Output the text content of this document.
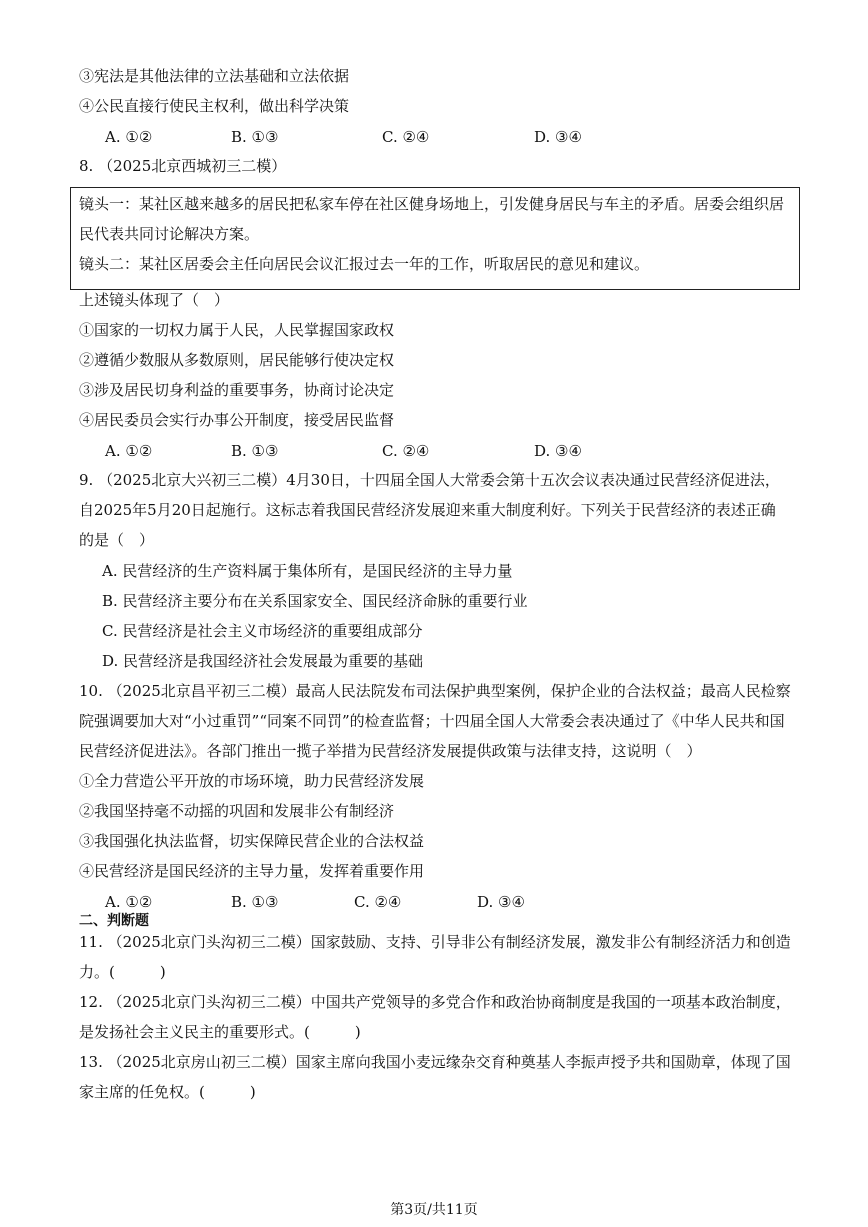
③宪法是其他法律的立法基础和立法依据
④公民直接行使民主权利，做出科学决策
A. ①②	B. ①③	C. ②④	D. ③④
8. （2025北京西城初三二模）
镜头一：某社区越来越多的居民把私家车停在社区健身场地上，引发健身居民与车主的矛盾。居委会组织居
民代表共同讨论解决方案。
镜头二：某社区居委会主任向居民会议汇报过去一年的工作，听取居民的意见和建议。
上述镜头体现了（　）
①国家的一切权力属于人民，人民掌握国家政权
②遵循少数服从多数原则，居民能够行使决定权
③涉及居民切身利益的重要事务，协商讨论决定
④居民委员会实行办事公开制度，接受居民监督
A. ①②	B. ①③	C. ②④	D. ③④
9. （2025北京大兴初三二模）4月30日，十四届全国人大常委会第十五次会议表决通过民营经济促进法，
自2025年5月20日起施行。这标志着我国民营经济发展迎来重大制度利好。下列关于民营经济的表述正确
的是（　）
A. 民营经济的生产资料属于集体所有，是国民经济的主导力量
B. 民营经济主要分布在关系国家安全、国民经济命脉的重要行业
C. 民营经济是社会主义市场经济的重要组成部分
D. 民营经济是我国经济社会发展最为重要的基础
10. （2025北京昌平初三二模）最高人民法院发布司法保护典型案例，保护企业的合法权益；最高人民检察
院强调要加大对“小过重罚”“同案不同罚”的检查监督；十四届全国人大常委会表决通过了《中华人民共和国
民营经济促进法》。各部门推出一揽子举措为民营经济发展提供政策与法律支持，这说明（　）
①全力营造公平开放的市场环境，助力民营经济发展
②我国坚持毫不动摇的巩固和发展非公有制经济
③我国强化执法监督，切实保障民营企业的合法权益
④民营经济是国民经济的主导力量，发挥着重要作用
A. ①②	B. ①③	C. ②④	D. ③④
二、判断题
11. （2025北京门头沟初三二模）国家鼓励、支持、引导非公有制经济发展，激发非公有制经济活力和创造
力。(　　　)
12. （2025北京门头沟初三二模）中国共产党领导的多党合作和政治协商制度是我国的一项基本政治制度，
是发扬社会主义民主的重要形式。(　　　)
13. （2025北京房山初三二模）国家主席向我国小麦远缘杂交育种奠基人李振声授予共和国勋章，体现了国
家主席的任免权。(　　　)
第3页/共11页
